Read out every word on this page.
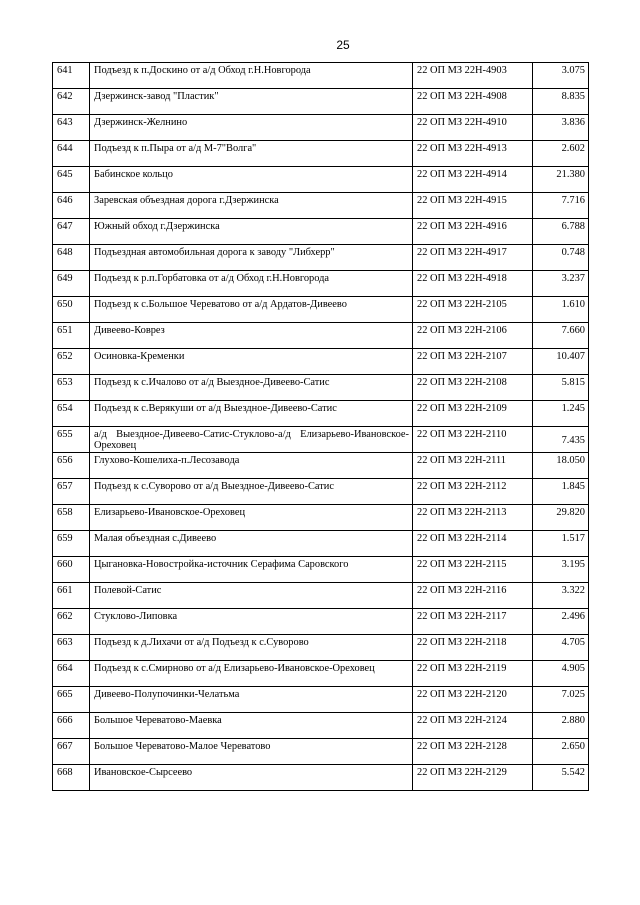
25
641	Подъезд к п.Доскино от а/д Обход г.Н.Новгорода	22 ОП МЗ 22Н-4903	3.075
642	Дзержинск-завод "Пластик"	22 ОП МЗ 22Н-4908	8.835
643	Дзержинск-Желнино	22 ОП МЗ 22Н-4910	3.836
644	Подъезд к п.Пыра от а/д М-7"Волга"	22 ОП МЗ 22Н-4913	2.602
645	Бабинское кольцо	22 ОП МЗ 22Н-4914	21.380
646	Заревская объездная дорога г.Дзержинска	22 ОП МЗ 22Н-4915	7.716
647	Южный обход г.Дзержинска	22 ОП МЗ 22Н-4916	6.788
648	Подъездная автомобильная дорога к заводу "Либхерр"	22 ОП МЗ 22Н-4917	0.748
649	Подъезд к р.п.Горбатовка от а/д Обход г.Н.Новгорода	22 ОП МЗ 22Н-4918	3.237
650	Подъезд к с.Большое Череватово от а/д Ардатов-Дивеево	22 ОП МЗ 22Н-2105	1.610
651	Дивеево-Коврез	22 ОП МЗ 22Н-2106	7.660
652	Осиновка-Кременки	22 ОП МЗ 22Н-2107	10.407
653	Подъезд к с.Ичалово от а/д Выездное-Дивеево-Сатис	22 ОП МЗ 22Н-2108	5.815
654	Подъезд к с.Верякуши от а/д Выездное-Дивеево-Сатис	22 ОП МЗ 22Н-2109	1.245
655	а/д Выездное-Дивеево-Сатис-Стуклово-а/д Елизарьево-Ивановское-Ореховец	22 ОП МЗ 22Н-2110	7.435
656	Глухово-Кошелиха-п.Лесозавода	22 ОП МЗ 22Н-2111	18.050
657	Подъезд к с.Суворово от а/д Выездное-Дивеево-Сатис	22 ОП МЗ 22Н-2112	1.845
658	Елизарьево-Ивановское-Ореховец	22 ОП МЗ 22Н-2113	29.820
659	Малая объездная с.Дивеево	22 ОП МЗ 22Н-2114	1.517
660	Цыгановка-Новостройка-источник Серафима Саровского	22 ОП МЗ 22Н-2115	3.195
661	Полевой-Сатис	22 ОП МЗ 22Н-2116	3.322
662	Стуклово-Липовка	22 ОП МЗ 22Н-2117	2.496
663	Подъезд к д.Лихачи от а/д Подъезд к с.Суворово	22 ОП МЗ 22Н-2118	4.705
664	Подъезд к с.Смирново от а/д Елизарьево-Ивановское-Ореховец	22 ОП МЗ 22Н-2119	4.905
665	Дивеево-Полупочинки-Челатьма	22 ОП МЗ 22Н-2120	7.025
666	Большое Череватово-Маевка	22 ОП МЗ 22Н-2124	2.880
667	Большое Череватово-Малое Череватово	22 ОП МЗ 22Н-2128	2.650
668	Ивановское-Сырсеево	22 ОП МЗ 22Н-2129	5.542
